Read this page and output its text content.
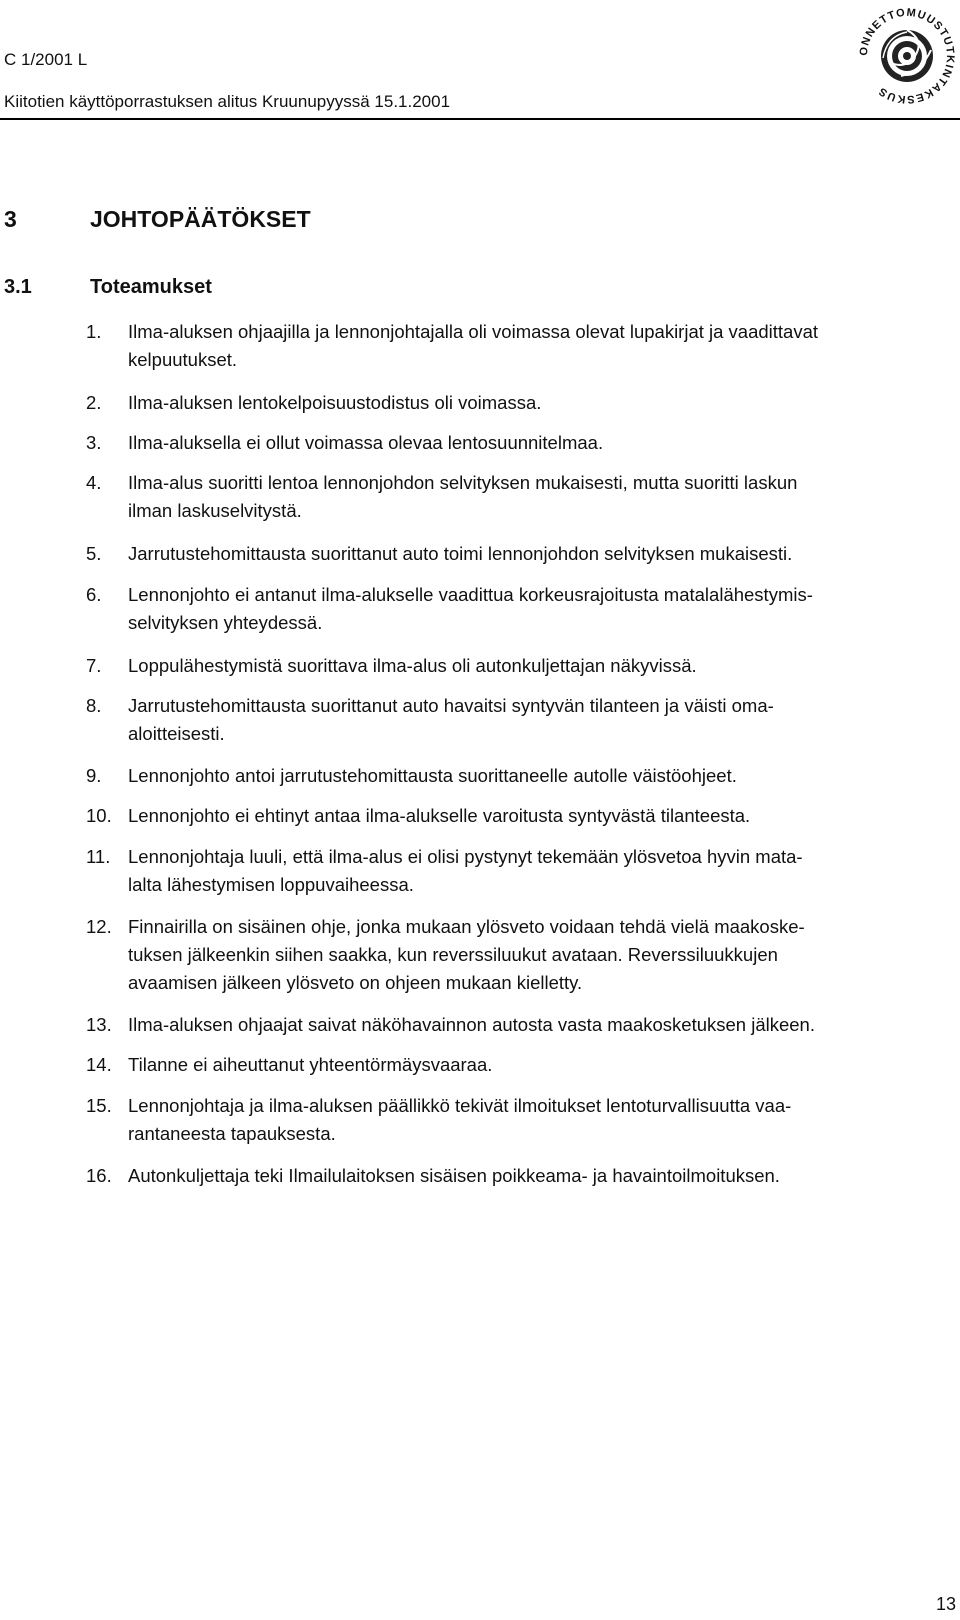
C 1/2001 L
Kiitotien käyttöporrastuksen alitus Kruunupyyssä 15.1.2001
ONNETTOMUUSTUTKINTAKESKUS
3	JOHTOPÄÄTÖKSET
3.1	Toteamukset
1.	Ilma-aluksen ohjaajilla ja lennonjohtajalla oli voimassa olevat lupakirjat ja vaadittavat
kelpuutukset.
2.	Ilma-aluksen lentokelpoisuustodistus oli voimassa.
3.	Ilma-aluksella ei ollut voimassa olevaa lentosuunnitelmaa.
4.	Ilma-alus suoritti lentoa lennonjohdon selvityksen mukaisesti, mutta suoritti laskun
ilman laskuselvitystä.
5.	Jarrutustehomittausta suorittanut auto toimi lennonjohdon selvityksen mukaisesti.
6.	Lennonjohto ei antanut ilma-alukselle vaadittua korkeusrajoitusta matalalähestymis-
selvityksen yhteydessä.
7.	Loppulähestymistä suorittava ilma-alus oli autonkuljettajan näkyvissä.
8.	Jarrutustehomittausta suorittanut auto havaitsi syntyvän tilanteen ja väisti oma-
aloitteisesti.
9.	Lennonjohto antoi jarrutustehomittausta suorittaneelle autolle väistöohjeet.
10. Lennonjohto ei ehtinyt antaa ilma-alukselle varoitusta syntyvästä tilanteesta.
11. Lennonjohtaja luuli, että ilma-alus ei olisi pystynyt tekemään ylösvetoa hyvin mata-
lalta lähestymisen loppuvaiheessa.
12. Finnairilla on sisäinen ohje, jonka mukaan ylösveto voidaan tehdä vielä maakoske-
tuksen jälkeenkin siihen saakka, kun reverssiluukut avataan. Reverssiluukkujen
avaamisen jälkeen ylösveto on ohjeen mukaan kielletty.
13. Ilma-aluksen ohjaajat saivat näköhavainnon autosta vasta maakosketuksen jälkeen.
14. Tilanne ei aiheuttanut yhteentörmäysvaaraa.
15. Lennonjohtaja ja ilma-aluksen päällikkö tekivät ilmoitukset lentoturvallisuutta vaa-
rantaneesta tapauksesta.
16. Autonkuljettaja teki Ilmailulaitoksen sisäisen poikkeama- ja havaintoilmoituksen.
13
